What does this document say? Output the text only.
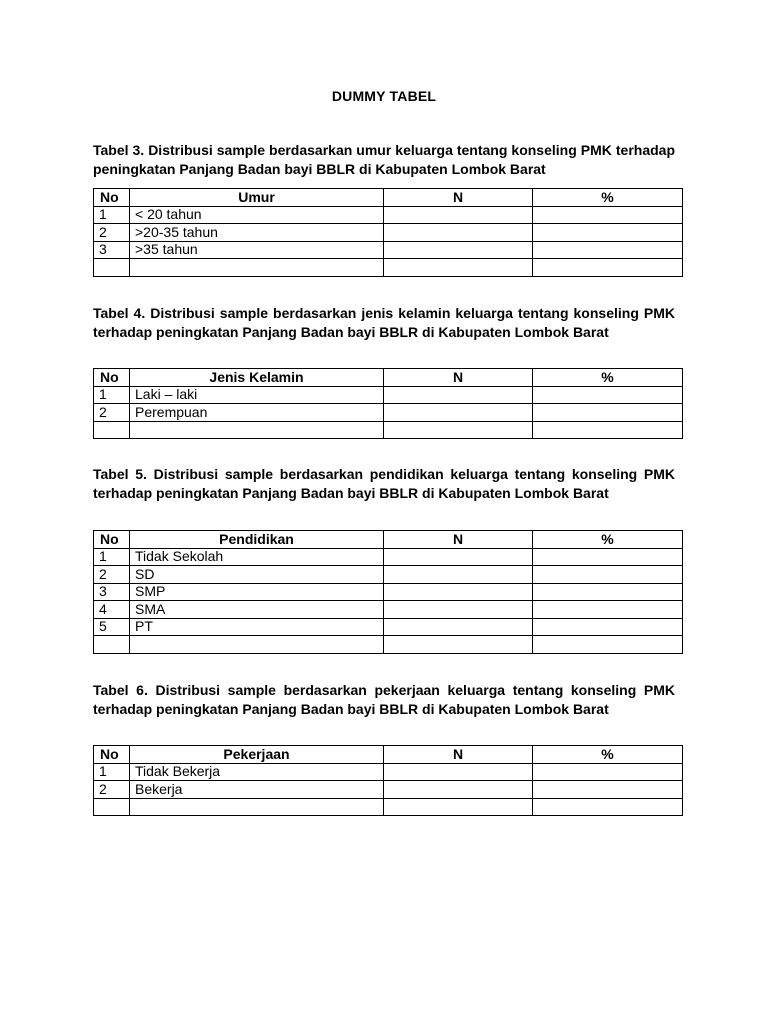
DUMMY TABEL
Tabel 3. Distribusi sample berdasarkan umur keluarga tentang konseling PMK terhadap peningkatan Panjang Badan bayi BBLR di Kabupaten Lombok Barat
No	Umur	N	%
1	< 20 tahun		
2	>20-35 tahun		
3	>35 tahun		

Tabel 4. Distribusi sample berdasarkan jenis kelamin keluarga tentang konseling PMK terhadap peningkatan Panjang Badan bayi BBLR di Kabupaten Lombok Barat
No	Jenis Kelamin	N	%
1	Laki – laki		
2	Perempuan		

Tabel 5. Distribusi sample berdasarkan pendidikan keluarga tentang konseling PMK terhadap peningkatan Panjang Badan bayi BBLR di Kabupaten Lombok Barat
No	Pendidikan	N	%
1	Tidak Sekolah		
2	SD		
3	SMP		
4	SMA		
5	PT		

Tabel 6. Distribusi sample berdasarkan pekerjaan keluarga tentang konseling PMK terhadap peningkatan Panjang Badan bayi BBLR di Kabupaten Lombok Barat
No	Pekerjaan	N	%
1	Tidak Bekerja		
2	Bekerja		
